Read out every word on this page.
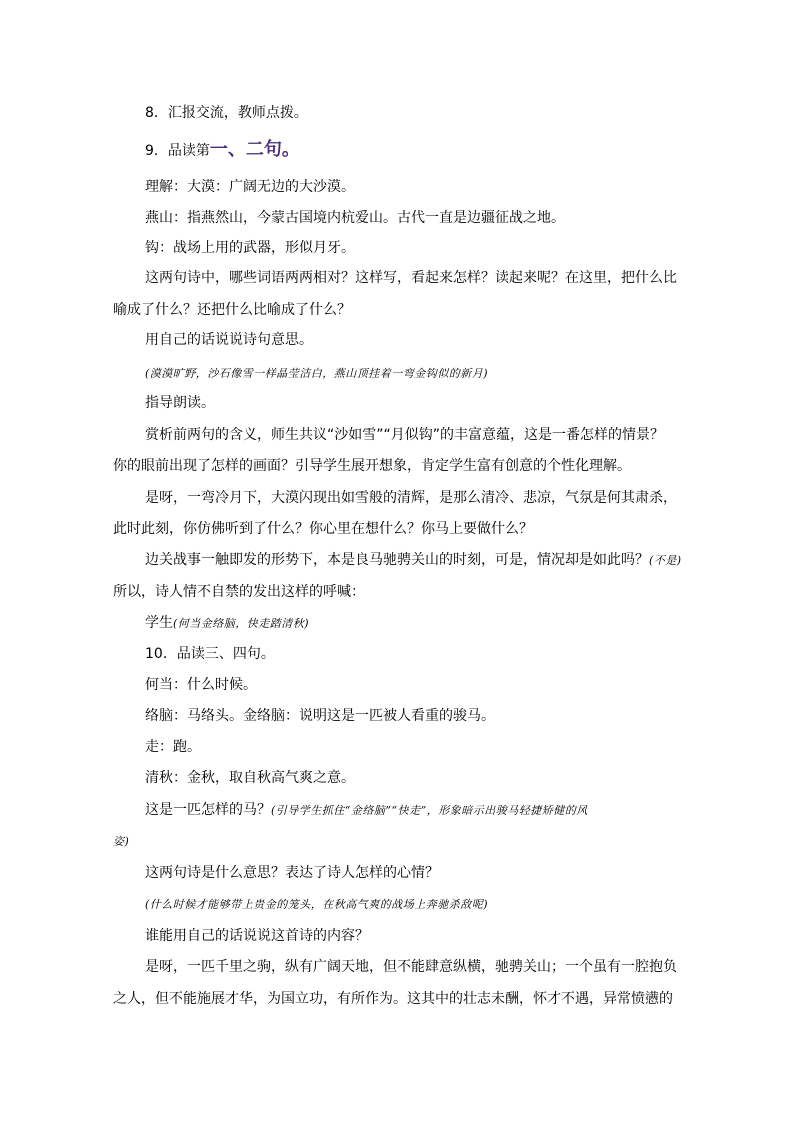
8．汇报交流，教师点拨。
9．品读第一、二句。
理解：大漠：广阔无边的大沙漠。
燕山：指燕然山，今蒙古国境内杭爱山。古代一直是边疆征战之地。
钩：战场上用的武器，形似月牙。
这两句诗中，哪些词语两两相对？这样写，看起来怎样？读起来呢？在这里，把什么比
喻成了什么？还把什么比喻成了什么？
用自己的话说说诗句意思。
(漠漠旷野，沙石像雪一样晶莹洁白，燕山顶挂着一弯金钩似的新月)
指导朗读。
赏析前两句的含义，师生共议“沙如雪”“月似钩”的丰富意蕴，这是一番怎样的情景？
你的眼前出现了怎样的画面？引导学生展开想象，肯定学生富有创意的个性化理解。
是呀，一弯冷月下，大漠闪现出如雪般的清辉，是那么清冷、悲凉，气氛是何其肃杀，
此时此刻，你仿佛听到了什么？你心里在想什么？你马上要做什么？
边关战事一触即发的形势下，本是良马驰骋关山的时刻，可是，情况却是如此吗？(不是)
所以，诗人情不自禁的发出这样的呼喊：
学生(何当金络脑，快走踏清秋)
10．品读三、四句。
何当：什么时候。
络脑：马络头。金络脑：说明这是一匹被人看重的骏马。
走：跑。
清秋：金秋，取自秋高气爽之意。
这是一匹怎样的马？(引导学生抓住“金络脑”“快走”，形象暗示出骏马轻捷矫健的风
姿)
这两句诗是什么意思？表达了诗人怎样的心情？
(什么时候才能够带上贵金的笼头，在秋高气爽的战场上奔驰杀敌呢)
谁能用自己的话说说这首诗的内容？
是呀，一匹千里之驹，纵有广阔天地，但不能肆意纵横，驰骋关山；一个虽有一腔抱负
之人，但不能施展才华，为国立功，有所作为。这其中的壮志未酬，怀才不遇，异常愤懑的
